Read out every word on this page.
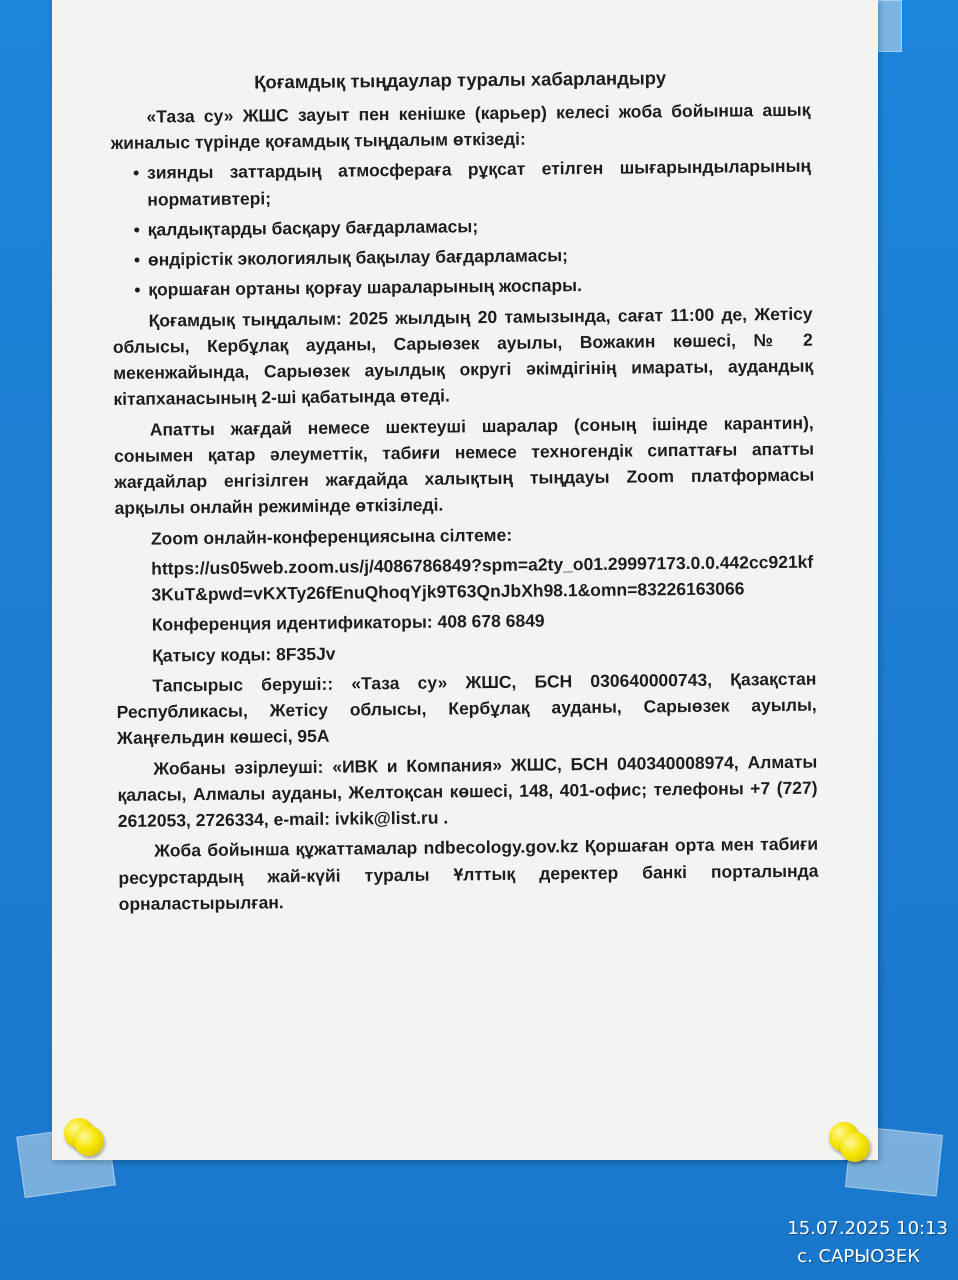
Қоғамдық тыңдаулар туралы хабарландыру

«Таза су» ЖШС зауыт пен кенішке (карьер) келесі жоба бойынша ашық жиналыс түрінде қоғамдық тыңдалым өткізеді:

• зиянды заттардың атмосфераға рұқсат етілген шығарындыларының нормативтері;
• қалдықтарды басқару бағдарламасы;
• өндірістік экологиялық бақылау бағдарламасы;
• қоршаған ортаны қорғау шараларының жоспары.

Қоғамдық тыңдалым: 2025 жылдың 20 тамызында, сағат 11:00 де, Жетісу облысы, Кербұлақ ауданы, Сарыөзек ауылы, Вожакин көшесі, № 2 мекенжайында, Сарыөзек ауылдық округі әкімдігінің имараты, аудандық кітапханасының 2-ші қабатында өтеді.

Апатты жағдай немесе шектеуші шаралар (соның ішінде карантин), сонымен қатар әлеуметтік, табиғи немесе техногендік сипаттағы апатты жағдайлар енгізілген жағдайда халықтың тыңдауы Zoom платформасы арқылы онлайн режимінде өткізіледі.

Zoom онлайн-конференциясына сілтеме:

https://us05web.zoom.us/j/4086786849?spm=a2ty_o01.29997173.0.0.442cc921kf3KuT&pwd=vKXTy26fEnuQhoqYjk9T63QnJbXh98.1&omn=83226163066

Конференция идентификаторы: 408 678 6849

Қатысу коды: 8F35Jv

Тапсырыс беруші:: «Таза су» ЖШС, БСН 030640000743, Қазақстан Республикасы, Жетісу облысы, Кербұлақ ауданы, Сарыөзек ауылы, Жаңғельдин көшесі, 95А

Жобаны әзірлеуші: «ИВК и Компания» ЖШС, БСН 040340008974, Алматы қаласы, Алмалы ауданы, Желтоқсан көшесі, 148, 401-офис; телефоны +7 (727) 2612053, 2726334, e-mail: ivkik@list.ru .

Жоба бойынша құжаттамалар ndbecology.gov.kz Қоршаған орта мен табиғи ресурстардың жай-күйі туралы Ұлттық деректер банкі порталында орналастырылған.

15.07.2025 10:13
с. САРЫОЗЕК
